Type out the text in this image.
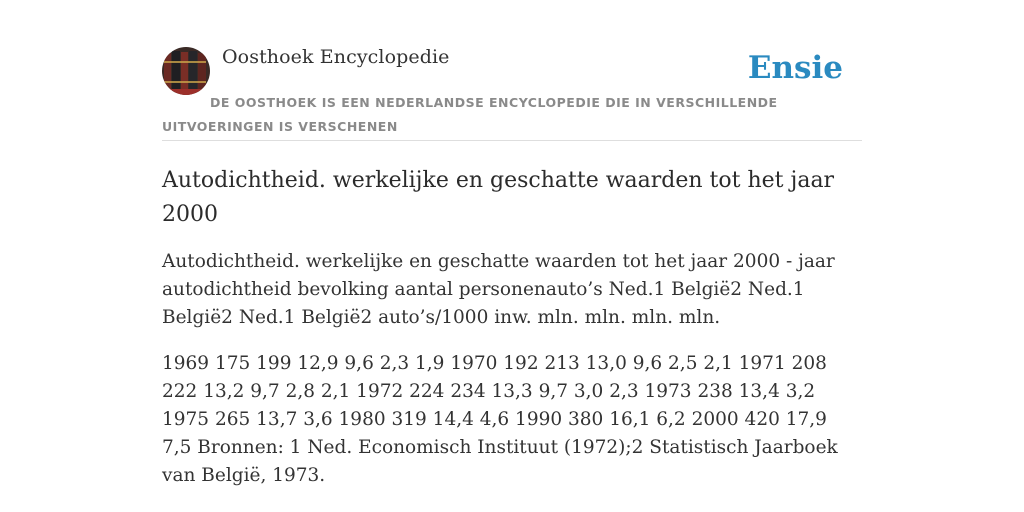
Oosthoek Encyclopedie	Ensie
DE OOSTHOEK IS EEN NEDERLANDSE ENCYCLOPEDIE DIE IN VERSCHILLENDE UITVOERINGEN IS VERSCHENEN
Autodichtheid. werkelijke en geschatte waarden tot het jaar 2000

Autodichtheid. werkelijke en geschatte waarden tot het jaar 2000 - jaar autodichtheid bevolking aantal personenauto’s Ned.1 België2 Ned.1 België2 Ned.1 België2 auto’s/1000 inw. mln. mln. mln. mln.

1969 175 199 12,9 9,6 2,3 1,9 1970 192 213 13,0 9,6 2,5 2,1 1971 208 222 13,2 9,7 2,8 2,1 1972 224 234 13,3 9,7 3,0 2,3 1973 238 13,4 3,2 1975 265 13,7 3,6 1980 319 14,4 4,6 1990 380 16,1 6,2 2000 420 17,9 7,5 Bronnen: 1 Ned. Economisch Instituut (1972);2 Statistisch Jaarboek van België, 1973.
